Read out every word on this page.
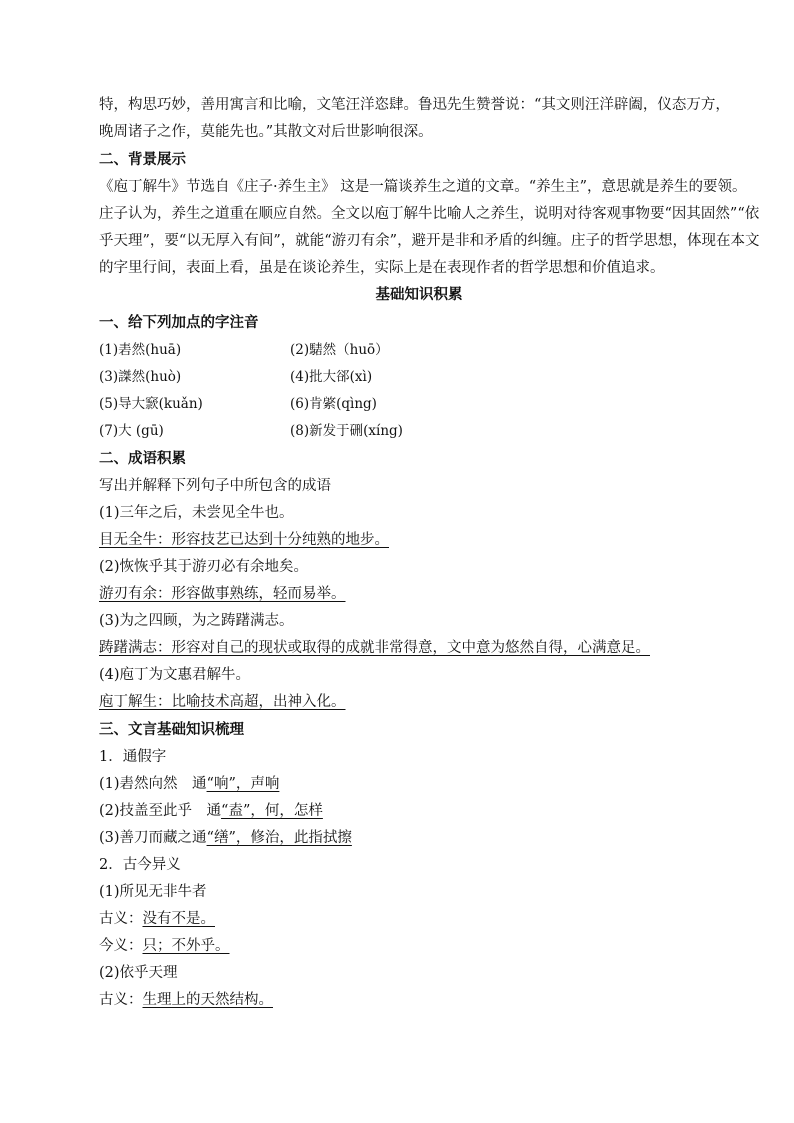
特，构思巧妙，善用寓言和比喻，文笔汪洋恣肆。鲁迅先生赞誉说：“其文则汪洋辟阖，仪态万方，
晚周诸子之作，莫能先也。”其散文对后世影响很深。
二、背景展示
《庖丁解牛》节选自《庄子·养生主》 这是一篇谈养生之道的文章。“养生主”，意思就是养生的要领。
庄子认为，养生之道重在顺应自然。全文以庖丁解牛比喻人之养生，说明对待客观事物要“因其固然”“依
乎天理”，要“以无厚入有间”，就能“游刃有余”，避开是非和矛盾的纠缠。庄子的哲学思想，体现在本文
的字里行间，表面上看，虽是在谈论养生，实际上是在表现作者的哲学思想和价值追求。
基础知识积累
一、给下列加点的字注音
(1)砉然(huā)	(2)騞然（huō）
(3)謋然(huò)	(4)批大郤(xì)
(5)导大窾(kuǎn)	(6)肯綮(qìng)
(7)大 (gū)	(8)新发于硎(xíng)
二、成语积累
写出并解释下列句子中所包含的成语
(1)三年之后，未尝见全牛也。
目无全牛：形容技艺已达到十分纯熟的地步。
(2)恢恢乎其于游刃必有余地矣。
游刃有余：形容做事熟练，轻而易举。
(3)为之四顾，为之踌躇满志。
踌躇满志：形容对自己的现状或取得的成就非常得意，文中意为悠然自得，心满意足。
(4)庖丁为文惠君解牛。
庖丁解生：比喻技术高超，出神入化。
三、文言基础知识梳理
1．通假字
(1)砉然向然　通“响”，声响
(2)技盖至此乎　通“盍”，何，怎样
(3)善刀而藏之通“缮”，修治，此指拭擦
2．古今异义
(1)所见无非牛者
古义：没有不是。
今义：只；不外乎。
(2)依乎天理
古义：生理上的天然结构。
